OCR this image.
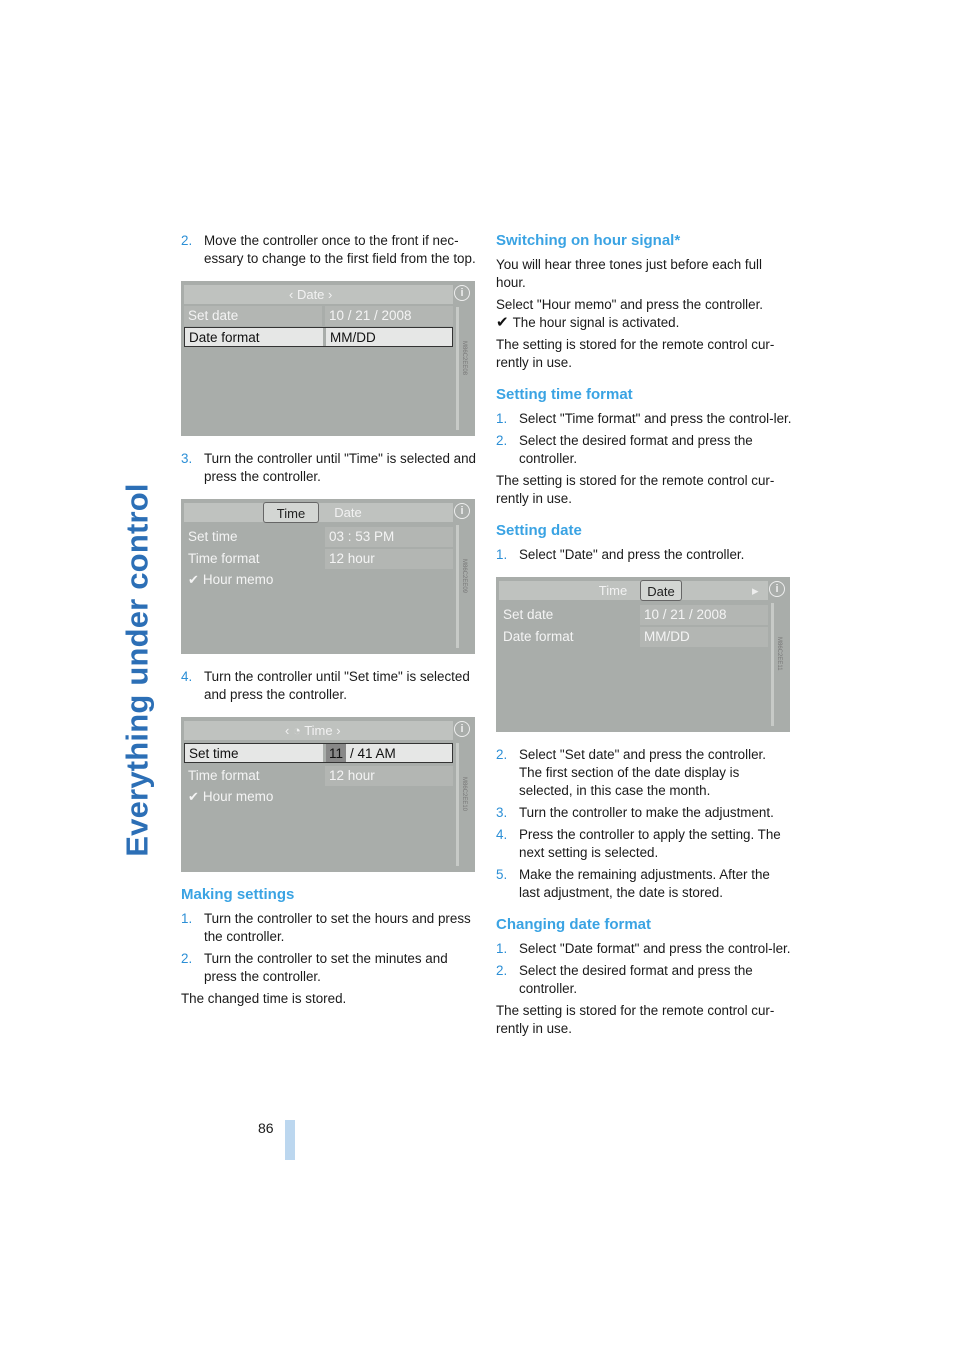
Everything under control
86
2. Move the controller once to the front if nec-essary to change to the first field from the top.
‹ Date ›	i
Set date	10 / 21 / 2008
Date format	MM/DD
M86C2EE08
3. Turn the controller until "Time" is selected and press the controller.
Time	Date	i
Set time	03 : 53 PM
Time format	12 hour
✔ Hour memo	M86C2EE09
4. Turn the controller until "Set time" is selected and press the controller.
‹ ◔ Time ›	i
Set time	11 / 41 AM
Time format	12 hour
✔ Hour memo	M86C2EE10
Making settings
1. Turn the controller to set the hours and press the controller.
2. Turn the controller to set the minutes and press the controller.

The changed time is stored.

Switching on hour signal*

You will hear three tones just before each full hour.

Select "Hour memo" and press the controller.
✔ The hour signal is activated.

The setting is stored for the remote control cur-rently in use.

Setting time format
1. Select "Time format" and press the control-ler.
2. Select the desired format and press the controller.

The setting is stored for the remote control cur-rently in use.

Setting date
1. Select "Date" and press the controller.
Time	Date	▸	i
Set date	10 / 21 / 2008
Date format	MM/DD
M86C2EE11
2. Select "Set date" and press the controller. The first section of the date display is selected, in this case the month.
3. Turn the controller to make the adjustment.
4. Press the controller to apply the setting. The next setting is selected.
5. Make the remaining adjustments. After the last adjustment, the date is stored.
Changing date format
1. Select "Date format" and press the control-ler.
2. Select the desired format and press the controller.

The setting is stored for the remote control cur-rently in use.
